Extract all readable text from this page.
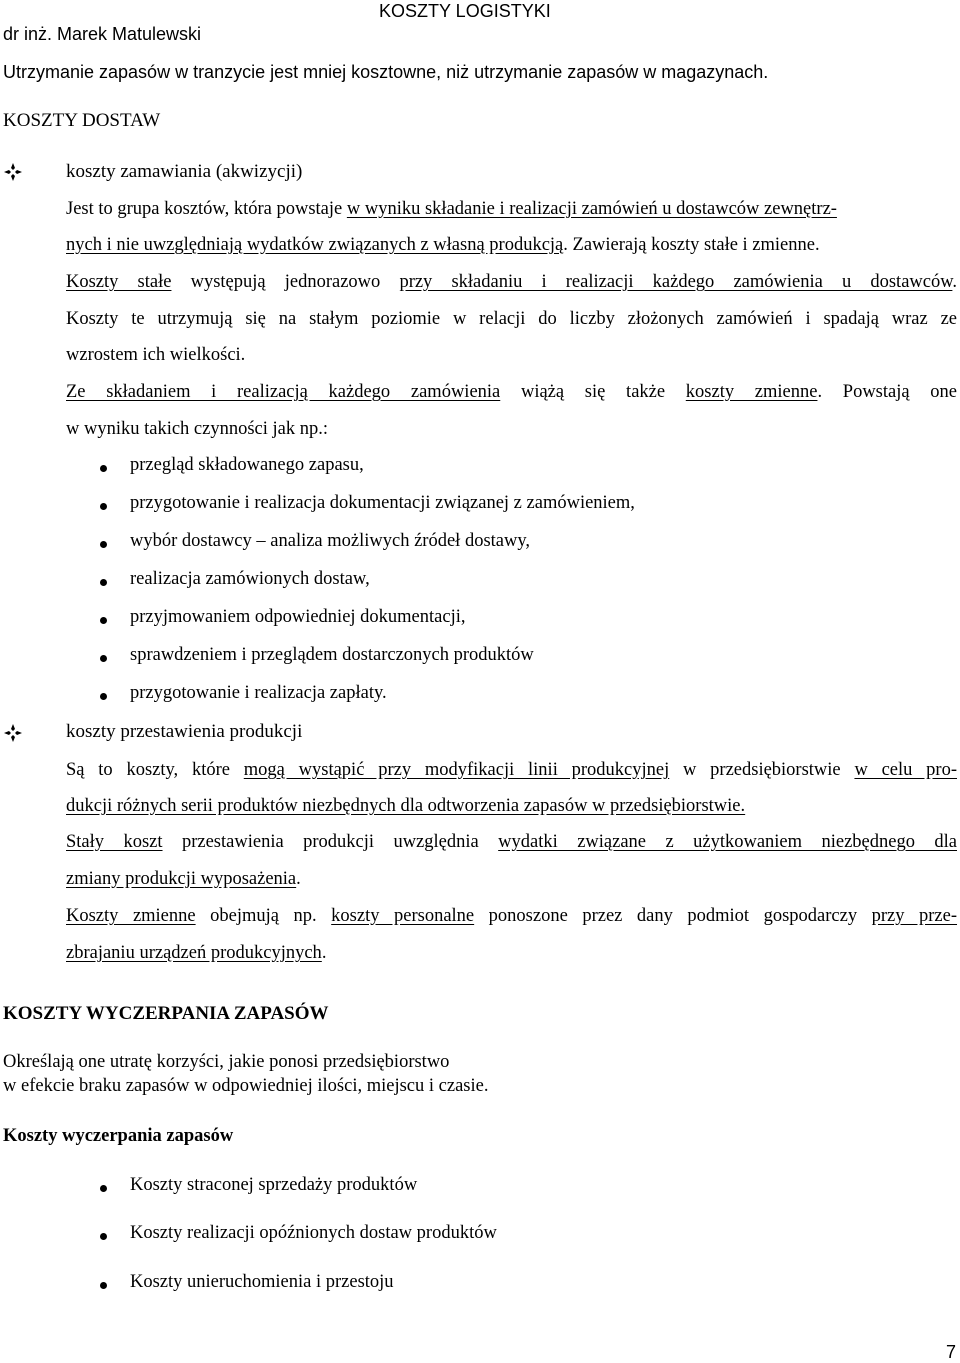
KOSZTY LOGISTYKI
dr inż. Marek Matulewski
Utrzymanie zapasów w tranzycie jest mniej kosztowne, niż utrzymanie zapasów w magazynach.
KOSZTY DOSTAW
koszty zamawiania (akwizycji)
Jest to grupa kosztów, która powstaje w wyniku składanie i realizacji zamówień u dostawców zewnętrz-
nych i nie uwzględniają wydatków związanych z własną produkcją. Zawierają koszty stałe i zmienne.
Koszty stałe występują jednorazowo przy składaniu i realizacji każdego zamówienia u dostawców.
Koszty te utrzymują się na stałym poziomie w relacji do liczby złożonych zamówień i spadają wraz ze
wzrostem ich wielkości.
Ze składaniem i realizacją każdego zamówienia wiążą się także koszty zmienne. Powstają one
w wyniku takich czynności jak np.:
przegląd składowanego zapasu,
przygotowanie i realizacja dokumentacji związanej z zamówieniem,
wybór dostawcy – analiza możliwych źródeł dostawy,
realizacja zamówionych dostaw,
przyjmowaniem odpowiedniej dokumentacji,
sprawdzeniem i przeglądem dostarczonych produktów
przygotowanie i realizacja zapłaty.
koszty przestawienia produkcji
Są to koszty, które mogą wystąpić przy modyfikacji linii produkcyjnej w przedsiębiorstwie w celu pro-
dukcji różnych serii produktów niezbędnych dla odtworzenia zapasów w przedsiębiorstwie.
Stały koszt przestawienia produkcji uwzględnia wydatki związane z użytkowaniem niezbędnego dla
zmiany produkcji wyposażenia.
Koszty zmienne obejmują np. koszty personalne ponoszone przez dany podmiot gospodarczy przy prze-
zbrajaniu urządzeń produkcyjnych.
KOSZTY WYCZERPANIA ZAPASÓW
Określają one utratę korzyści, jakie ponosi przedsiębiorstwo
w efekcie braku zapasów w odpowiedniej ilości, miejscu i czasie.
Koszty wyczerpania zapasów
Koszty straconej sprzedaży produktów
Koszty realizacji opóźnionych dostaw produktów
Koszty unieruchomienia i przestoju
7
